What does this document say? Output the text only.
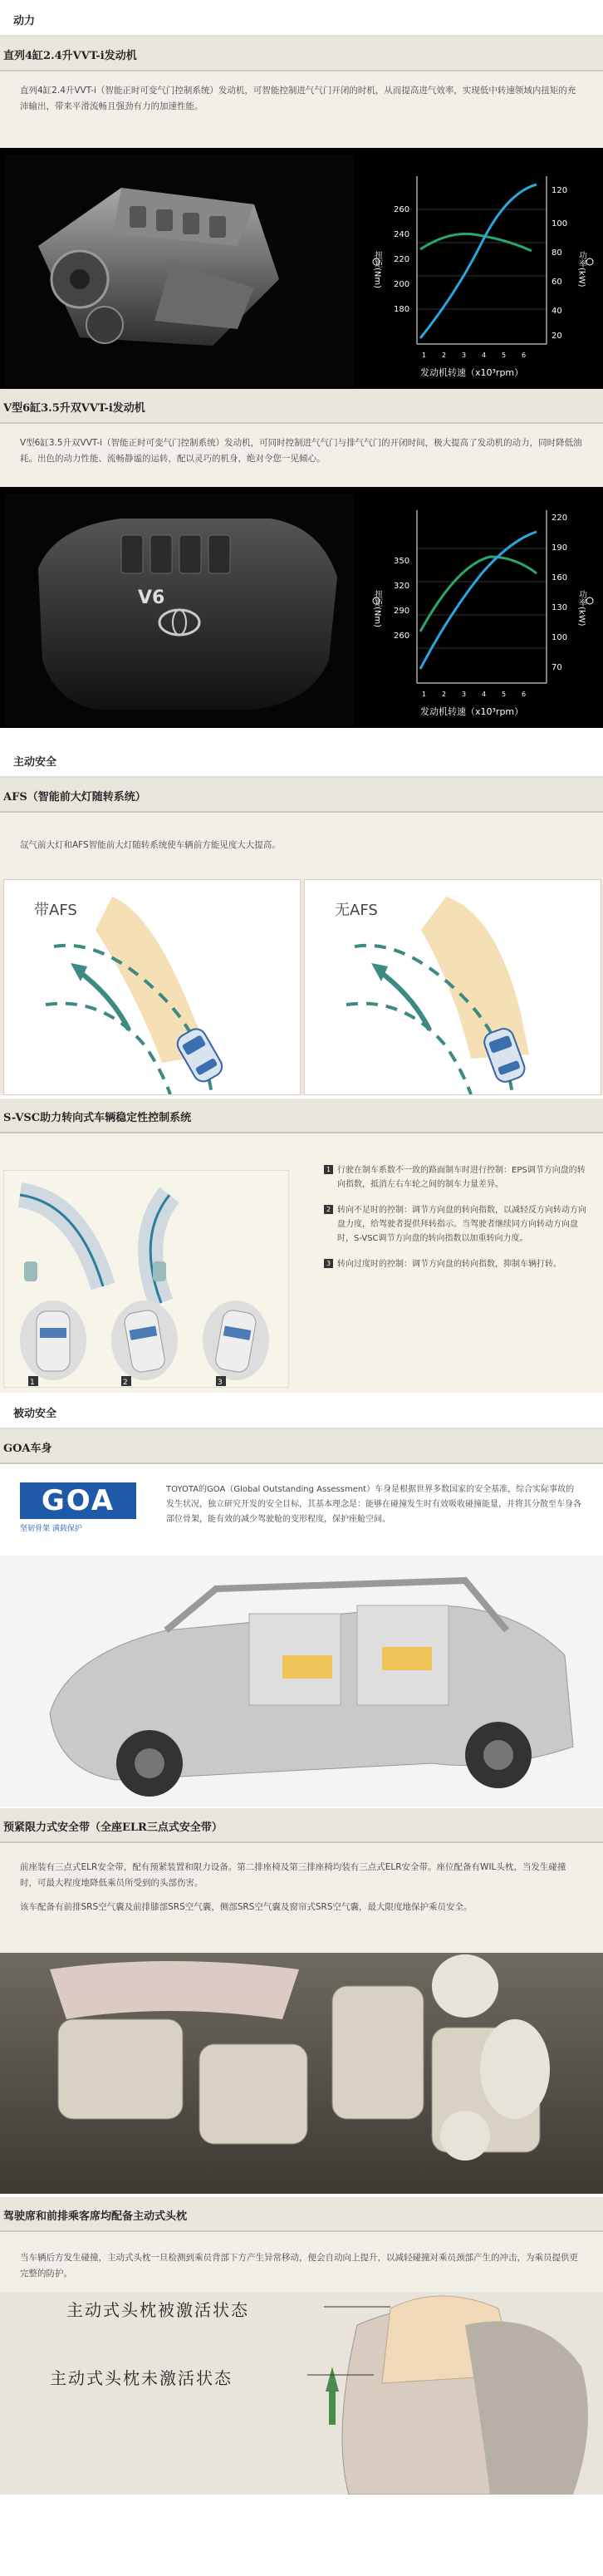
动力
直列4缸2.4升VVT-i发动机
直列4缸2.4升VVT-i（智能正时可变气门控制系统）发动机，可智能控制进气气门开闭的时机，从而提高进气效率，实现低中转速领域内扭矩的充沛输出，带来平滑流畅且强劲有力的加速性能。
260
240
220
200
180
120
100
80
60
40
20
1 2 3 4 5 6
发动机转速（x10³rpm）
扭矩(Nm)	功率(kW)
V型6缸3.5升双VVT-i发动机
V型6缸3.5升双VVT-i（智能正时可变气门控制系统）发动机，可同时控制进气气门与排气气门的开闭时间，极大提高了发动机的动力，同时降低油耗。出色的动力性能、流畅静谧的运转，配以灵巧的机身，绝对令您一见倾心。
V6
350
320
290
260
220
190
160
130
100
70
1 2 3 4 5 6
发动机转速（x10³rpm）
扭矩(Nm)	功率(kW)
主动安全
AFS（智能前大灯随转系统）
氙气前大灯和AFS智能前大灯随转系统使车辆前方能见度大大提高。
带AFS	无AFS
S-VSC助力转向式车辆稳定性控制系统
1	2	3
1 行驶在制车系数不一致的路面制车时进行控制：EPS调节方向盘的转向指数，抵消左右车轮之间的制车力量差异。
2 转向不足时的控制：调节方向盘的转向指数，以减轻反方向转动方向盘力度，给驾驶者提供拜转指示。当驾驶者继续同方向转动方向盘时，S-VSC调节方向盘的转向指数以加重转向力度。
3 转向过度时的控制：调节方向盘的转向指数，抑制车辆打转。
被动安全
GOA车身
GOA
坚韧骨架 满载保护
TOYOTA的GOA（Global Outstanding Assessment）车身是根据世界多数国家的安全基准，综合实际事故的发生状况，独立研究开发的安全目标，其基本理念是：能够在碰撞发生时有效吸收碰撞能量，并将其分散至车身各部位骨架，能有效的减少驾驶舱的变形程度，保护座舱空间。
预紧限力式安全带（全座ELR三点式安全带）
前座装有三点式ELR安全带，配有预紧装置和限力设备。第二排座椅及第三排座椅均装有三点式ELR安全带。座位配备有WIL头枕，当发生碰撞时，可最大程度地降低乘员所受到的头部伤害。
该车配备有前排SRS空气囊及前排膝部SRS空气囊，侧部SRS空气囊及窗帘式SRS空气囊，最大限度地保护乘员安全。
驾驶席和前排乘客席均配备主动式头枕
当车辆后方发生碰撞，主动式头枕一旦检测到乘员背部下方产生异常移动，便会自动向上提升，以减轻碰撞对乘员颈部产生的冲击，为乘员提供更完整的防护。
主动式头枕被激活状态
主动式头枕未激活状态
